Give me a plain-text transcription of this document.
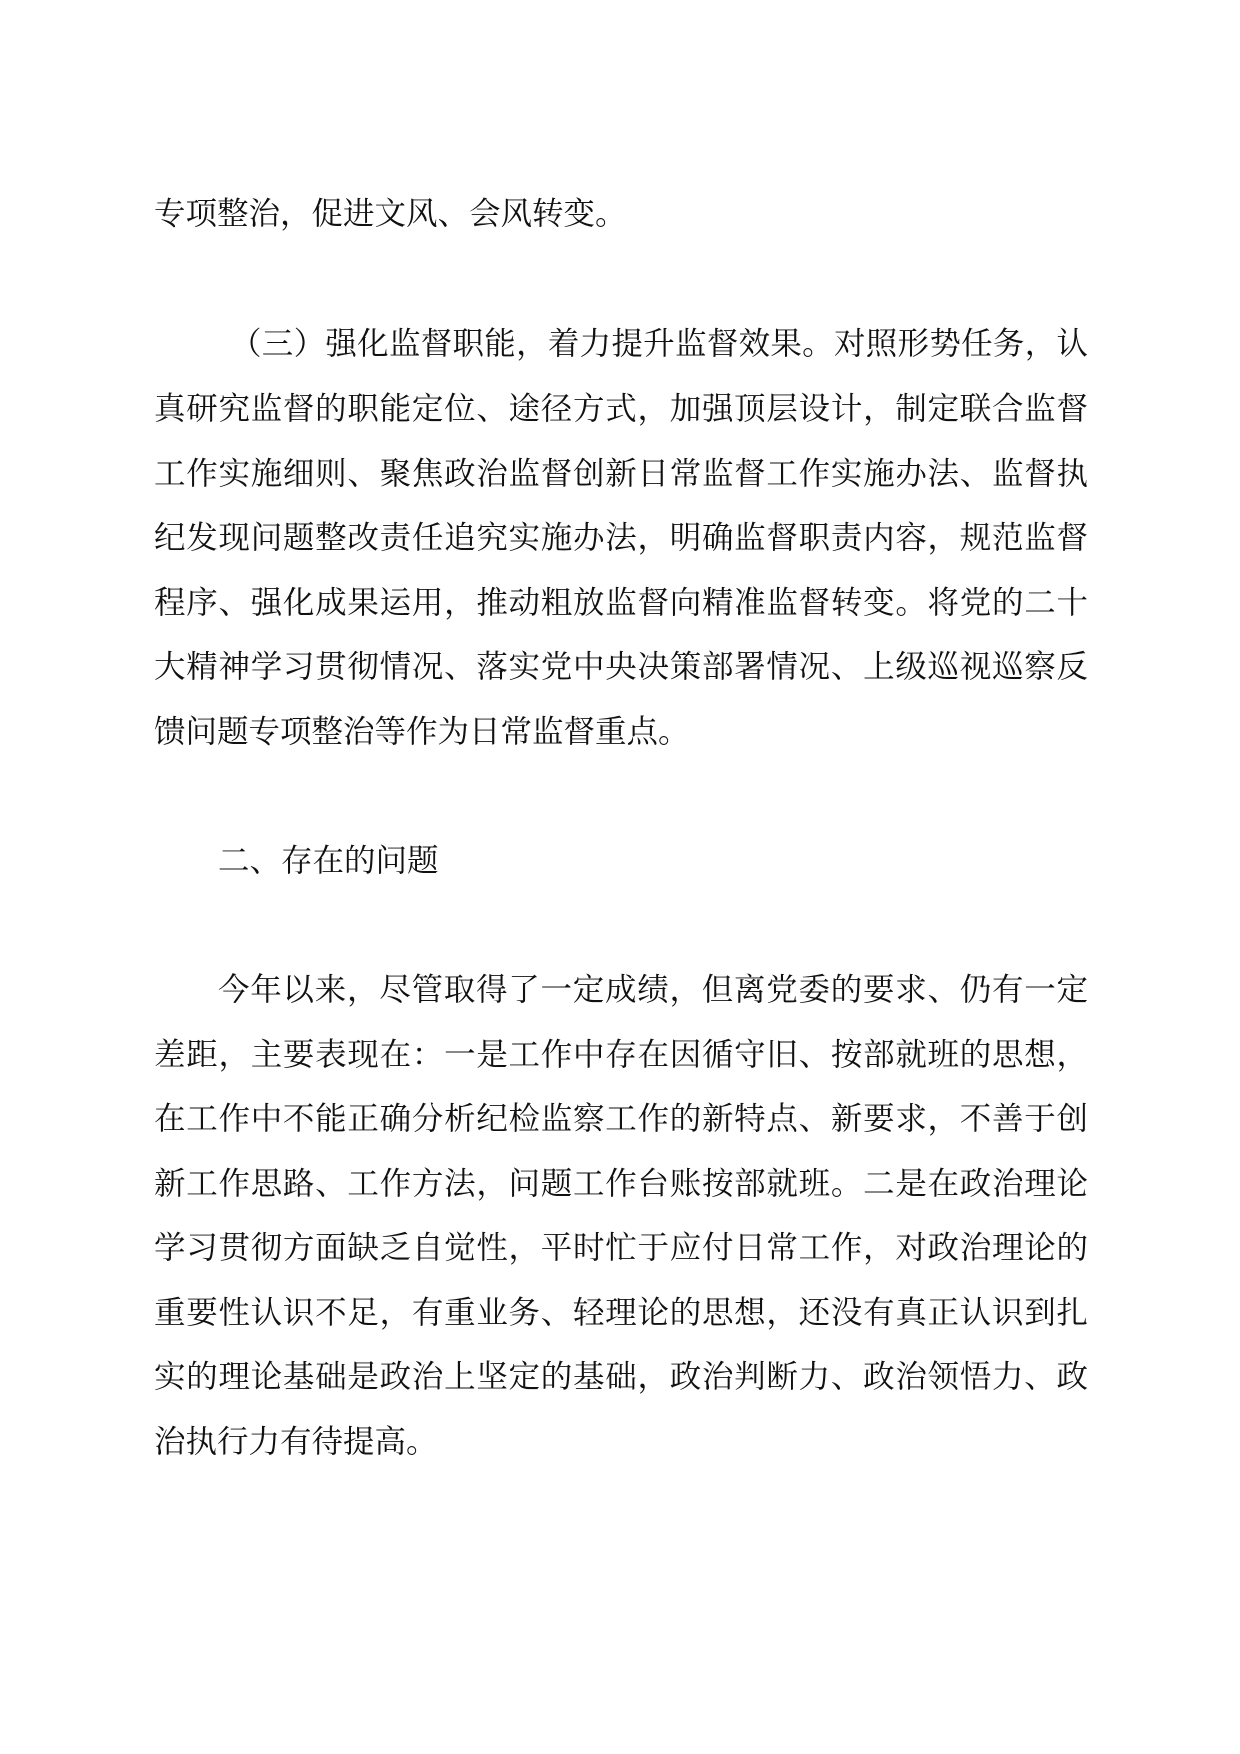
专项整治，促进文风、会风转变。
（三）强化监督职能，着力提升监督效果。对照形势任务，认
真研究监督的职能定位、途径方式，加强顶层设计，制定联合监督
工作实施细则、聚焦政治监督创新日常监督工作实施办法、监督执
纪发现问题整改责任追究实施办法，明确监督职责内容，规范监督
程序、强化成果运用，推动粗放监督向精准监督转变。将党的二十
大精神学习贯彻情况、落实党中央决策部署情况、上级巡视巡察反
馈问题专项整治等作为日常监督重点。
二、存在的问题
今年以来，尽管取得了一定成绩，但离党委的要求、仍有一定
差距，主要表现在：一是工作中存在因循守旧、按部就班的思想，
在工作中不能正确分析纪检监察工作的新特点、新要求，不善于创
新工作思路、工作方法，问题工作台账按部就班。二是在政治理论
学习贯彻方面缺乏自觉性，平时忙于应付日常工作，对政治理论的
重要性认识不足，有重业务、轻理论的思想，还没有真正认识到扎
实的理论基础是政治上坚定的基础，政治判断力、政治领悟力、政
治执行力有待提高。
